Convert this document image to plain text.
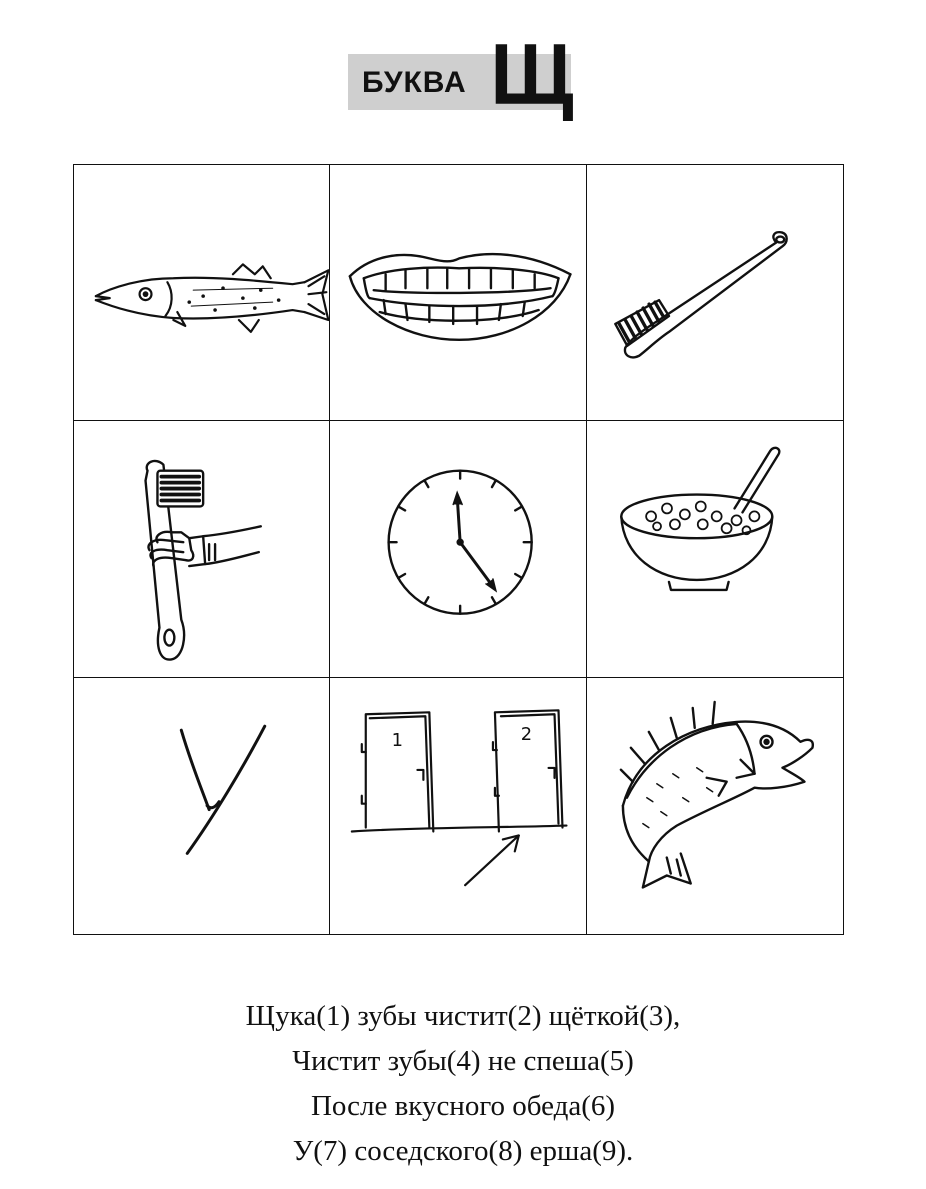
БУКВА Щ
1	2
Щука(1) зубы чистит(2) щёткой(3),
Чистит зубы(4) не спеша(5)
После вкусного обеда(6)
У(7) соседского(8) ерша(9).
